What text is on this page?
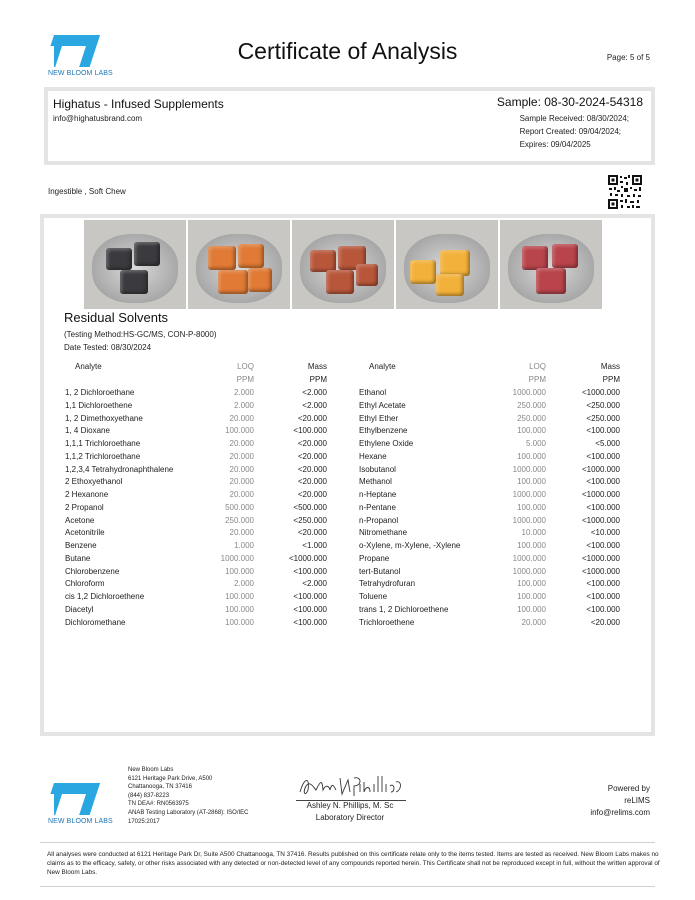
NEW BLOOM LABS
Certificate of Analysis	Page: 5 of 5
Highatus - Infused Supplements
info@highatusbrand.com
Sample: 08-30-2024-54318
Sample Received: 08/30/2024;
Report Created: 09/04/2024;
Expires: 09/04/2025
Ingestible , Soft Chew
Residual Solvents
(Testing Method:HS-GC/MS, CON-P-8000)
Date Tested: 08/30/2024
Analyte	LOQ	Mass
PPM	PPM
Analyte	LOQ	Mass
PPM	PPM
1, 2 Dichloroethane	2.000	<2.000
1,1 Dichloroethene	2.000	<2.000
1, 2 Dimethoxyethane	20.000	<20.000
1, 4 Dioxane	100.000	<100.000
1,1,1 Trichloroethane	20.000	<20.000
1,1,2 Trichloroethane	20.000	<20.000
1,2,3,4 Tetrahydronaphthalene	20.000	<20.000
2 Ethoxyethanol	20.000	<20.000
2 Hexanone	20.000	<20.000
2 Propanol	500.000	<500.000
Acetone	250.000	<250.000
Acetonitrile	20.000	<20.000
Benzene	1.000	<1.000
Butane	1000.000	<1000.000
Chlorobenzene	100.000	<100.000
Chloroform	2.000	<2.000
cis 1,2 Dichloroethene	100.000	<100.000
Diacetyl	100.000	<100.000
Dichloromethane	100.000	<100.000
Ethanol	1000.000	<1000.000
Ethyl Acetate	250.000	<250.000
Ethyl Ether	250.000	<250.000
Ethylbenzene	100.000	<100.000
Ethylene Oxide	5.000	<5.000
Hexane	100.000	<100.000
Isobutanol	1000.000	<1000.000
Methanol	100.000	<100.000
n-Heptane	1000.000	<1000.000
n-Pentane	100.000	<100.000
n-Propanol	1000.000	<1000.000
Nitromethane	10.000	<10.000
o-Xylene, m-Xylene, -Xylene	100.000	<100.000
Propane	1000.000	<1000.000
tert-Butanol	1000.000	<1000.000
Tetrahydrofuran	100.000	<100.000
Toluene	100.000	<100.000
trans 1, 2 Dichloroethene	100.000	<100.000
Trichloroethene	20.000	<20.000
NEW BLOOM LABS
New Bloom Labs
6121 Heritage Park Drive, A500
Chattanooga, TN 37416
(844) 837-8223
TN DEA#: RN0563975
ANAB Testing Laboratory (AT-2868): ISO/IEC
17025:2017
Ashley N. Phillips, M. Sc
Laboratory Director
Powered by
reLIMS
info@relims.com
All analyses were conducted at 6121 Heritage Park Dr, Suite A500 Chattanooga, TN 37416. Results published on this certificate relate only to the items tested. Items are tested as received. New Bloom Labs makes no claims as to the efficacy, safety, or other risks associated with any detected or non-detected level of any compounds reported herein. This Certificate shall not be reproduced except in full, without the written approval of New Bloom Labs.
